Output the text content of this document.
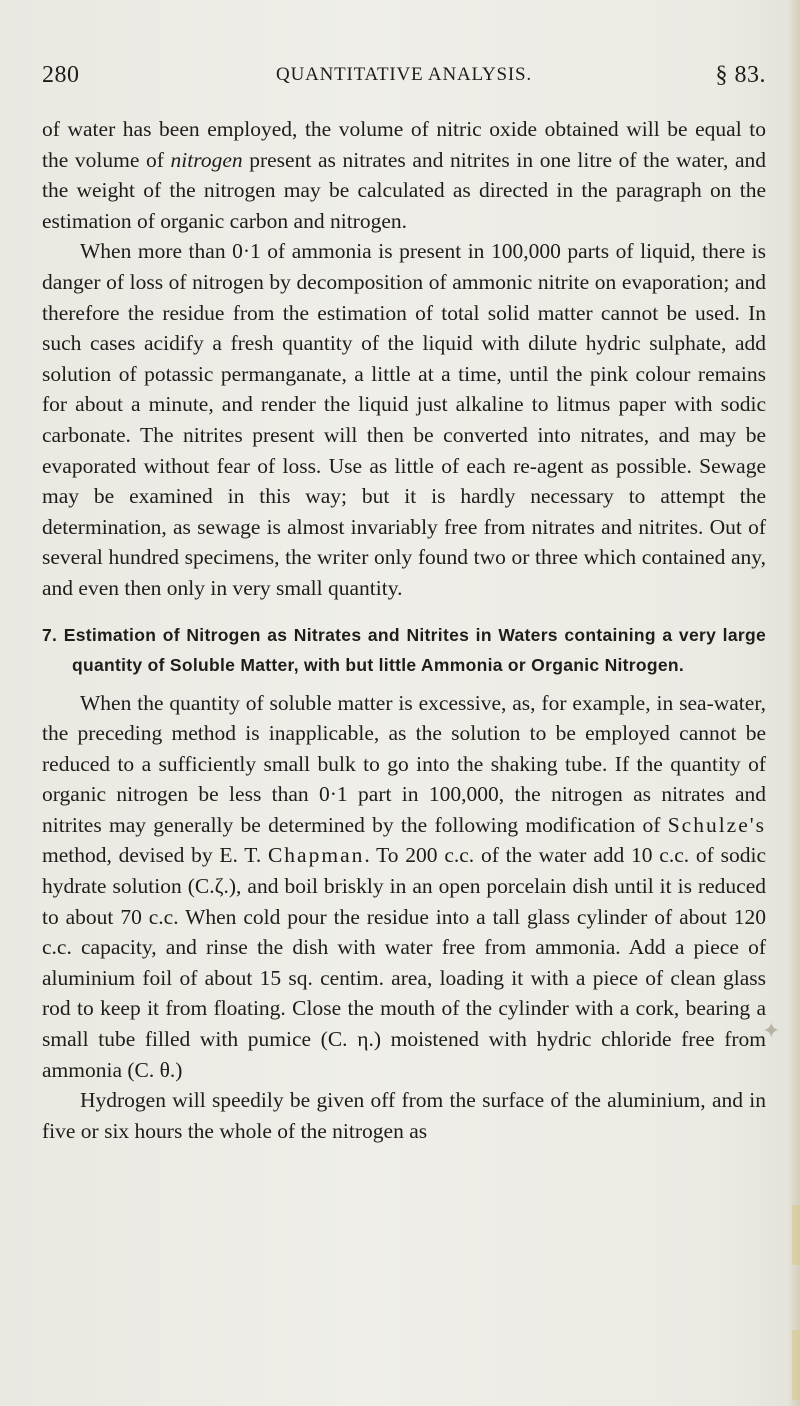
✦
280	QUANTITATIVE ANALYSIS.	§ 83.

of water has been employed, the volume of nitric oxide obtained will be equal to the volume of nitrogen present as nitrates and nitrites in one litre of the water, and the weight of the nitrogen may be calculated as directed in the paragraph on the estimation of organic carbon and nitrogen.

When more than 0·1 of ammonia is present in 100,000 parts of liquid, there is danger of loss of nitrogen by decomposition of ammonic nitrite on evaporation; and therefore the residue from the estimation of total solid matter cannot be used. In such cases acidify a fresh quantity of the liquid with dilute hydric sulphate, add solution of potassic permanganate, a little at a time, until the pink colour remains for about a minute, and render the liquid just alkaline to litmus paper with sodic carbonate. The nitrites present will then be converted into nitrates, and may be evaporated without fear of loss. Use as little of each re-agent as possible. Sewage may be examined in this way; but it is hardly necessary to attempt the determination, as sewage is almost invariably free from nitrates and nitrites. Out of several hundred specimens, the writer only found two or three which contained any, and even then only in very small quantity.

7. Estimation of Nitrogen as Nitrates and Nitrites in Waters containing a very large quantity of Soluble Matter, with but little Ammonia or Organic Nitrogen.

When the quantity of soluble matter is excessive, as, for example, in sea-water, the preceding method is inapplicable, as the solution to be employed cannot be reduced to a sufficiently small bulk to go into the shaking tube. If the quantity of organic nitrogen be less than 0·1 part in 100,000, the nitrogen as nitrates and nitrites may generally be determined by the following modification of Schulze's method, devised by E. T. Chapman. To 200 c.c. of the water add 10 c.c. of sodic hydrate solution (C.ζ.), and boil briskly in an open porcelain dish until it is reduced to about 70 c.c. When cold pour the residue into a tall glass cylinder of about 120 c.c. capacity, and rinse the dish with water free from ammonia. Add a piece of aluminium foil of about 15 sq. centim. area, loading it with a piece of clean glass rod to keep it from floating. Close the mouth of the cylinder with a cork, bearing a small tube filled with pumice (C. η.) moistened with hydric chloride free from ammonia (C. θ.)

Hydrogen will speedily be given off from the surface of the aluminium, and in five or six hours the whole of the nitrogen as
